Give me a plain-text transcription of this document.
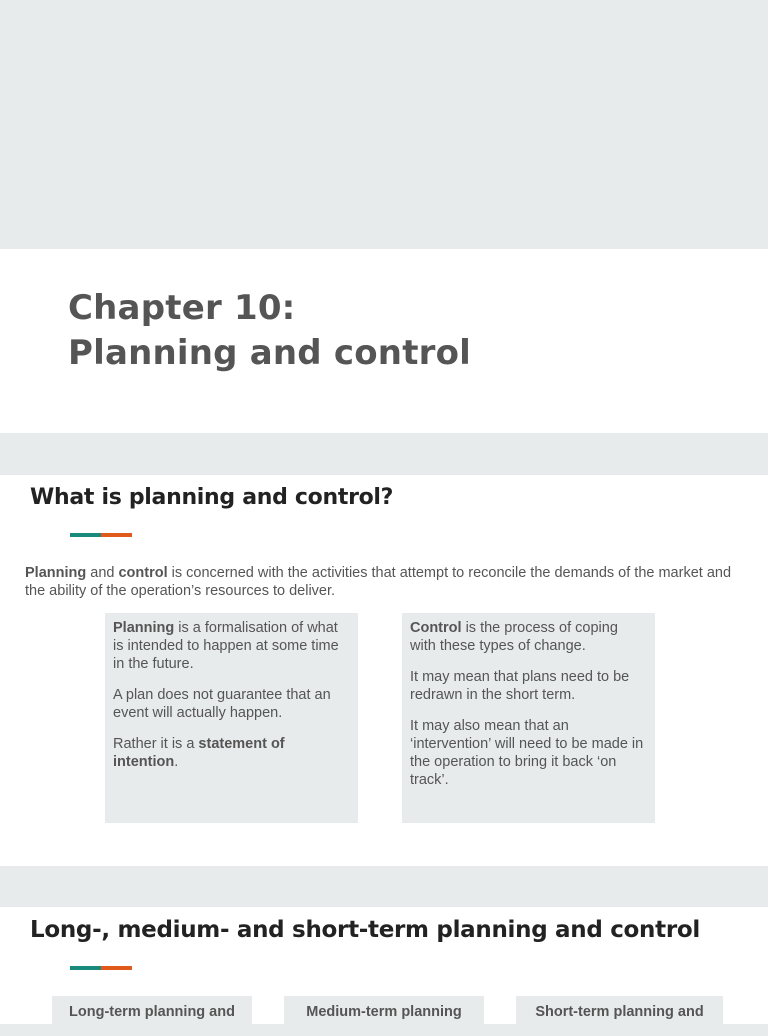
Chapter 10:
Planning and control
What is planning and control?

Planning and control is concerned with the activities that attempt to reconcile the demands of the market and the ability of the operation’s resources to deliver.

Planning is a formalisation of what is intended to happen at some time in the future.

A plan does not guarantee that an event will actually happen.

Rather it is a statement of intention.

Control is the process of coping with these types of change.

It may mean that plans need to be redrawn in the short term.

It may also mean that an ‘intervention’ will need to be made in the operation to bring it back ‘on track’.

Long-, medium- and short-term planning and control
Long-term planning and	Medium-term planning	Short-term planning and
